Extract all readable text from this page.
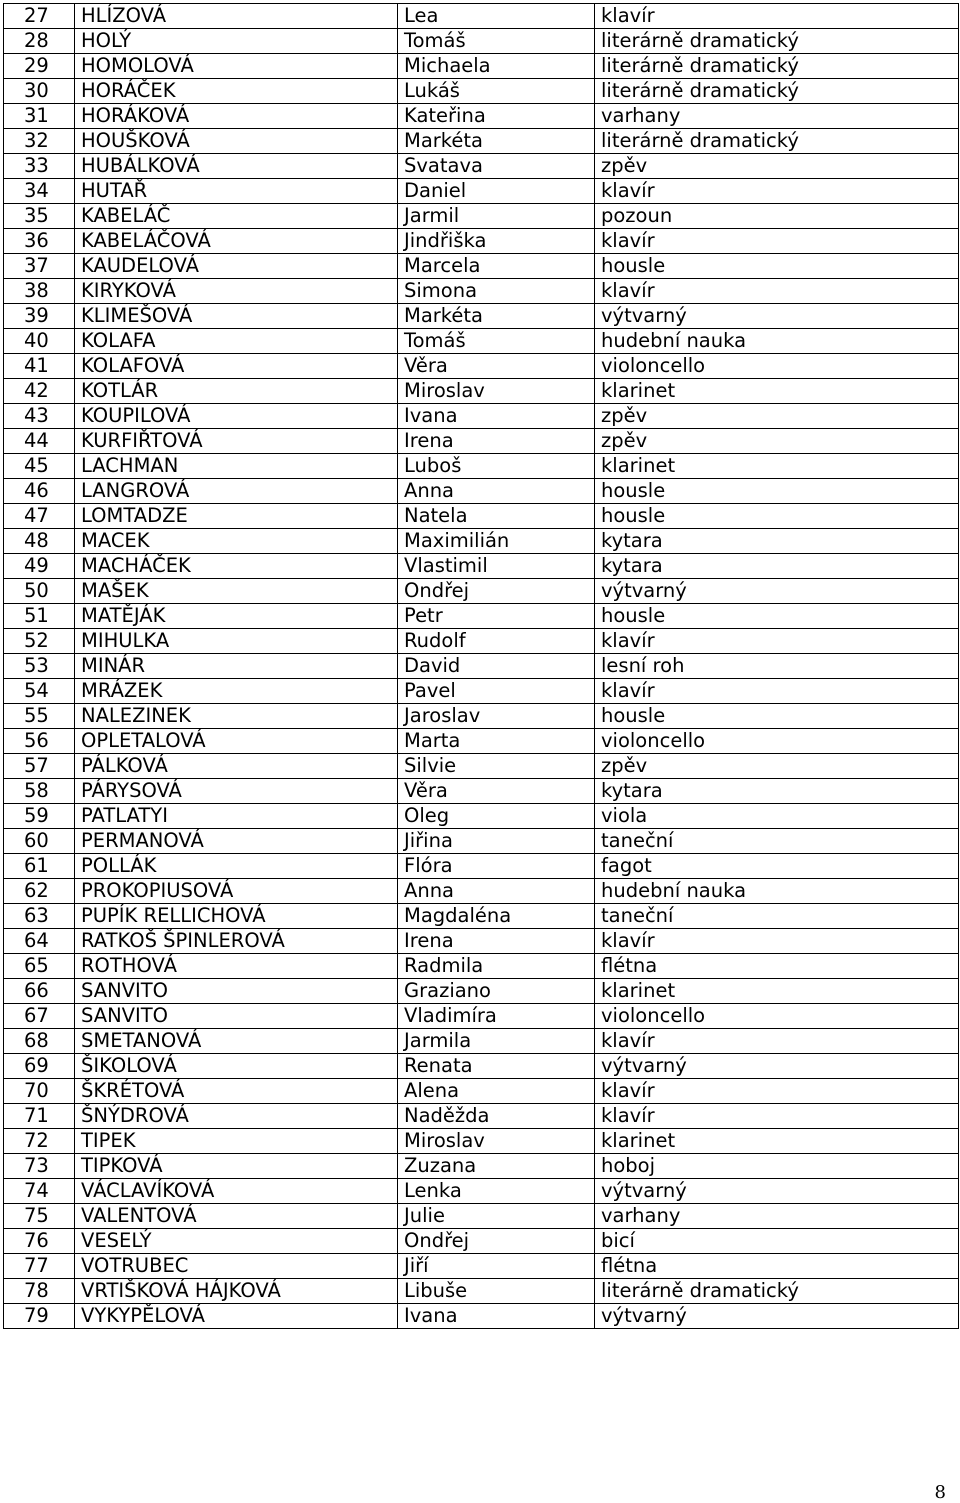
27	HLÍZOVÁ	Lea	klavír
28	HOLÝ	Tomáš	literárně dramatický
29	HOMOLOVÁ	Michaela	literárně dramatický
30	HORÁČEK	Lukáš	literárně dramatický
31	HORÁKOVÁ	Kateřina	varhany
32	HOUŠKOVÁ	Markéta	literárně dramatický
33	HUBÁLKOVÁ	Svatava	zpěv
34	HUTAŘ	Daniel	klavír
35	KABELÁČ	Jarmil	pozoun
36	KABELÁČOVÁ	Jindřiška	klavír
37	KAUDELOVÁ	Marcela	housle
38	KIRYKOVÁ	Simona	klavír
39	KLIMEŠOVÁ	Markéta	výtvarný
40	KOLAFA	Tomáš	hudební nauka
41	KOLAFOVÁ	Věra	violoncello
42	KOTLÁR	Miroslav	klarinet
43	KOUPILOVÁ	Ivana	zpěv
44	KURFIŘTOVÁ	Irena	zpěv
45	LACHMAN	Luboš	klarinet
46	LANGROVÁ	Anna	housle
47	LOMTADZE	Natela	housle
48	MACEK	Maximilián	kytara
49	MACHÁČEK	Vlastimil	kytara
50	MAŠEK	Ondřej	výtvarný
51	MATĚJÁK	Petr	housle
52	MIHULKA	Rudolf	klavír
53	MINÁR	David	lesní roh
54	MRÁZEK	Pavel	klavír
55	NALEZINEK	Jaroslav	housle
56	OPLETALOVÁ	Marta	violoncello
57	PÁLKOVÁ	Silvie	zpěv
58	PÁRYSOVÁ	Věra	kytara
59	PATLATYI	Oleg	viola
60	PERMANOVÁ	Jiřina	taneční
61	POLLÁK	Flóra	fagot
62	PROKOPIUSOVÁ	Anna	hudební nauka
63	PUPÍK RELLICHOVÁ	Magdaléna	taneční
64	RATKOŠ ŠPINLEROVÁ	Irena	klavír
65	ROTHOVÁ	Radmila	flétna
66	SANVITO	Graziano	klarinet
67	SANVITO	Vladimíra	violoncello
68	SMETANOVÁ	Jarmila	klavír
69	ŠIKOLOVÁ	Renata	výtvarný
70	ŠKRÉTOVÁ	Alena	klavír
71	ŠNÝDROVÁ	Naděžda	klavír
72	TIPEK	Miroslav	klarinet
73	TIPKOVÁ	Zuzana	hoboj
74	VÁCLAVÍKOVÁ	Lenka	výtvarný
75	VALENTOVÁ	Julie	varhany
76	VESELÝ	Ondřej	bicí
77	VOTRUBEC	Jiří	flétna
78	VRTIŠKOVÁ HÁJKOVÁ	Libuše	literárně dramatický
79	VYKYPĚLOVÁ	Ivana	výtvarný
8
